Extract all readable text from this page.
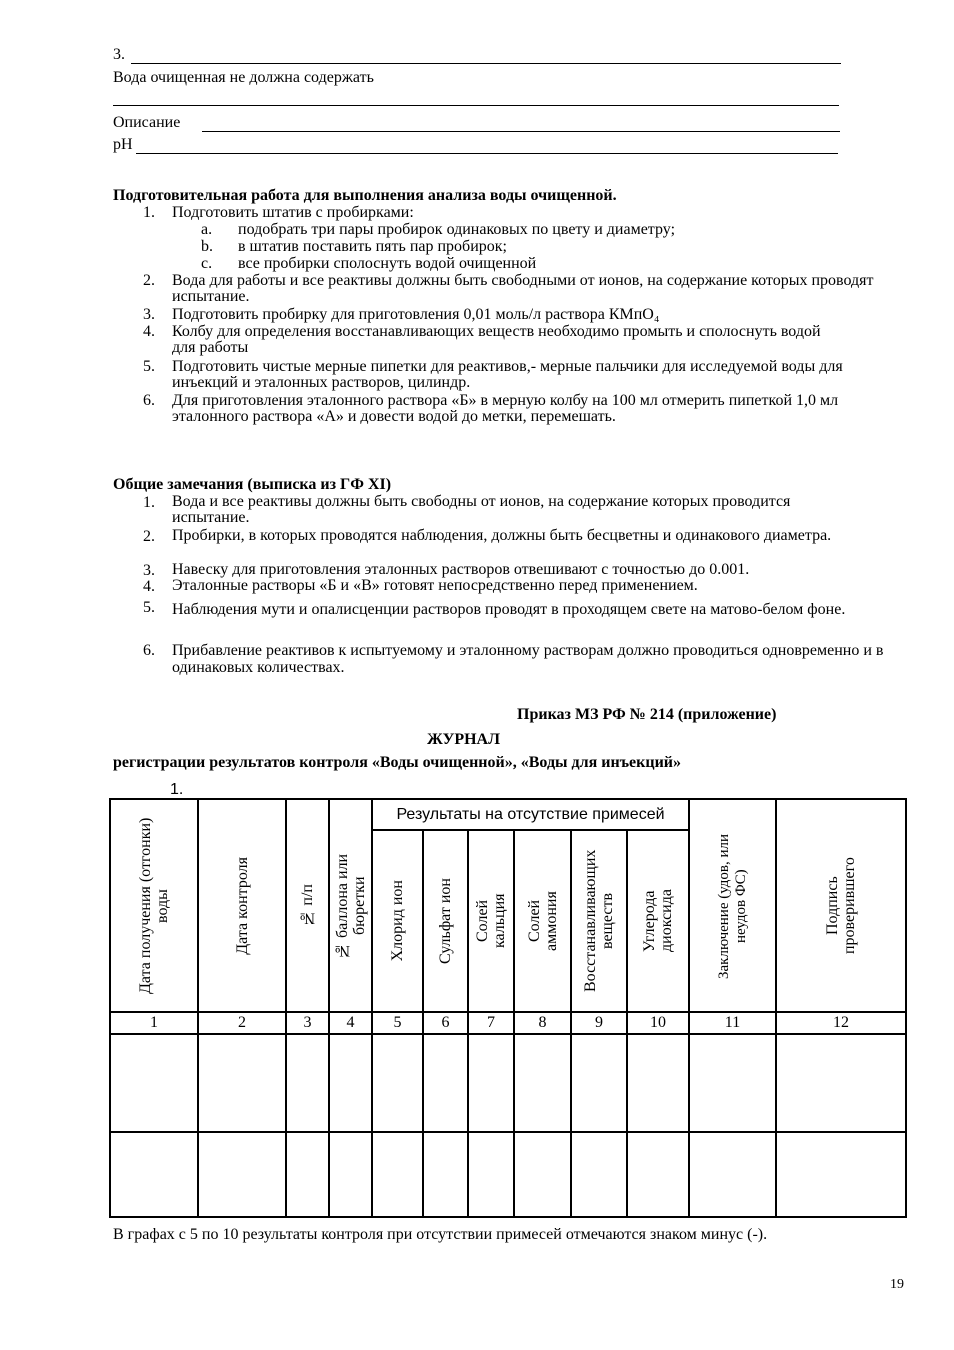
3.
Вода очищенная не должна содержать
Описание
pH
Подготовительная работа для выполнения анализа воды очищенной.
1. Подготовить штатив с пробирками:
a. подобрать три пары пробирок одинаковых по цвету и диаметру;
b. в штатив поставить пять пар пробирок;
c. все пробирки сполоснуть водой очищенной
2. Вода для работы и все реактивы должны быть свободными от ионов, на содержание которых проводят испытание.
3. Подготовить пробирку для приготовления 0,01 моль/л раствора КМпО₄
4. Колбу для определения восстанавливающих веществ необходимо промыть и сполоснуть водой для работы
5. Подготовить чистые мерные пипетки для реактивов,- мерные пальчики для исследуемой воды для инъекций и эталонных растворов, цилиндр.
6. Для приготовления эталонного раствора «Б» в мерную колбу на 100 мл отмерить пипеткой 1,0 мл эталонного раствора «А» и довести водой до метки, перемешать.
Общие замечания (выписка из ГФ XI)
1. Вода и все реактивы должны быть свободны от ионов, на содержание которых проводится испытание.
2. Пробирки, в которых проводятся наблюдения, должны быть бесцветны и одинакового диаметра.
3. Навеску для приготовления эталонных растворов отвешивают с точностью до 0.001.
4. Эталонные растворы «Б и «В» готовят непосредственно перед применением.
5. Наблюдения мути и опалисценции растворов проводят в проходящем свете на матово-белом фоне.
6. Прибавление реактивов к испытуемому и эталонному растворам должно проводиться одновременно и в одинаковых количествах.
Приказ МЗ РФ № 214 (приложение)
ЖУРНАЛ
регистрации результатов контроля «Воды очищенной», «Воды для инъекций»
1.
Дата получения (отгонки) воды	Дата контроля	№ п/п	№ баллона или бюретки	Результаты на отсутствие примесей						Заключение (удов, или неудов ФС)	Подпись проверившего

				Хлорид ион	Сульфат ион	Солей кальция	Солей аммония	Восстанавливающих веществ	Углерода диоксида		

1	2	3	4	5	6	7	8	9	10	11	12

В графах с 5 по 10 результаты контроля при отсутствии примесей отмечаются знаком минус (-).
19
